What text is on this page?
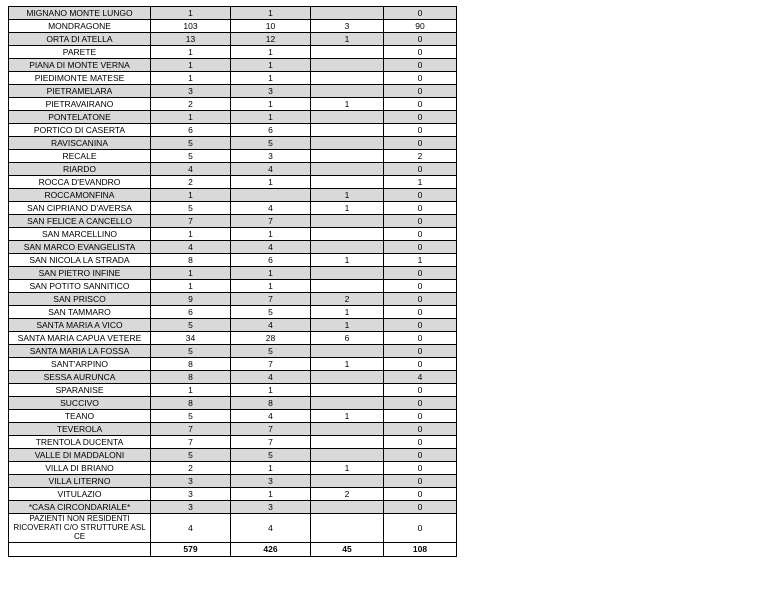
MIGNANO MONTE LUNGO	1	1		0
MONDRAGONE	103	10	3	90
ORTA DI ATELLA	13	12	1	0
PARETE	1	1		0
PIANA DI MONTE VERNA	1	1		0
PIEDIMONTE MATESE	1	1		0
PIETRAMELARA	3	3		0
PIETRAVAIRANO	2	1	1	0
PONTELATONE	1	1		0
PORTICO DI CASERTA	6	6		0
RAVISCANINA	5	5		0
RECALE	5	3		2
RIARDO	4	4		0
ROCCA D'EVANDRO	2	1		1
ROCCAMONFINA	1		1	0
SAN CIPRIANO D'AVERSA	5	4	1	0
SAN FELICE A CANCELLO	7	7		0
SAN MARCELLINO	1	1		0
SAN MARCO EVANGELISTA	4	4		0
SAN NICOLA LA STRADA	8	6	1	1
SAN PIETRO INFINE	1	1		0
SAN POTITO SANNITICO	1	1		0
SAN PRISCO	9	7	2	0
SAN TAMMARO	6	5	1	0
SANTA MARIA A VICO	5	4	1	0
SANTA MARIA CAPUA VETERE	34	28	6	0
SANTA MARIA LA FOSSA	5	5		0
SANT'ARPINO	8	7	1	0
SESSA AURUNCA	8	4		4
SPARANISE	1	1		0
SUCCIVO	8	8		0
TEANO	5	4	1	0
TEVEROLA	7	7		0
TRENTOLA DUCENTA	7	7		0
VALLE DI MADDALONI	5	5		0
VILLA DI BRIANO	2	1	1	0
VILLA LITERNO	3	3		0
VITULAZIO	3	1	2	0
*CASA CIRCONDARIALE*	3	3		0
PAZIENTI NON RESIDENTI RICOVERATI C/O STRUTTURE ASL CE	4	4		0
	579	426	45	108
